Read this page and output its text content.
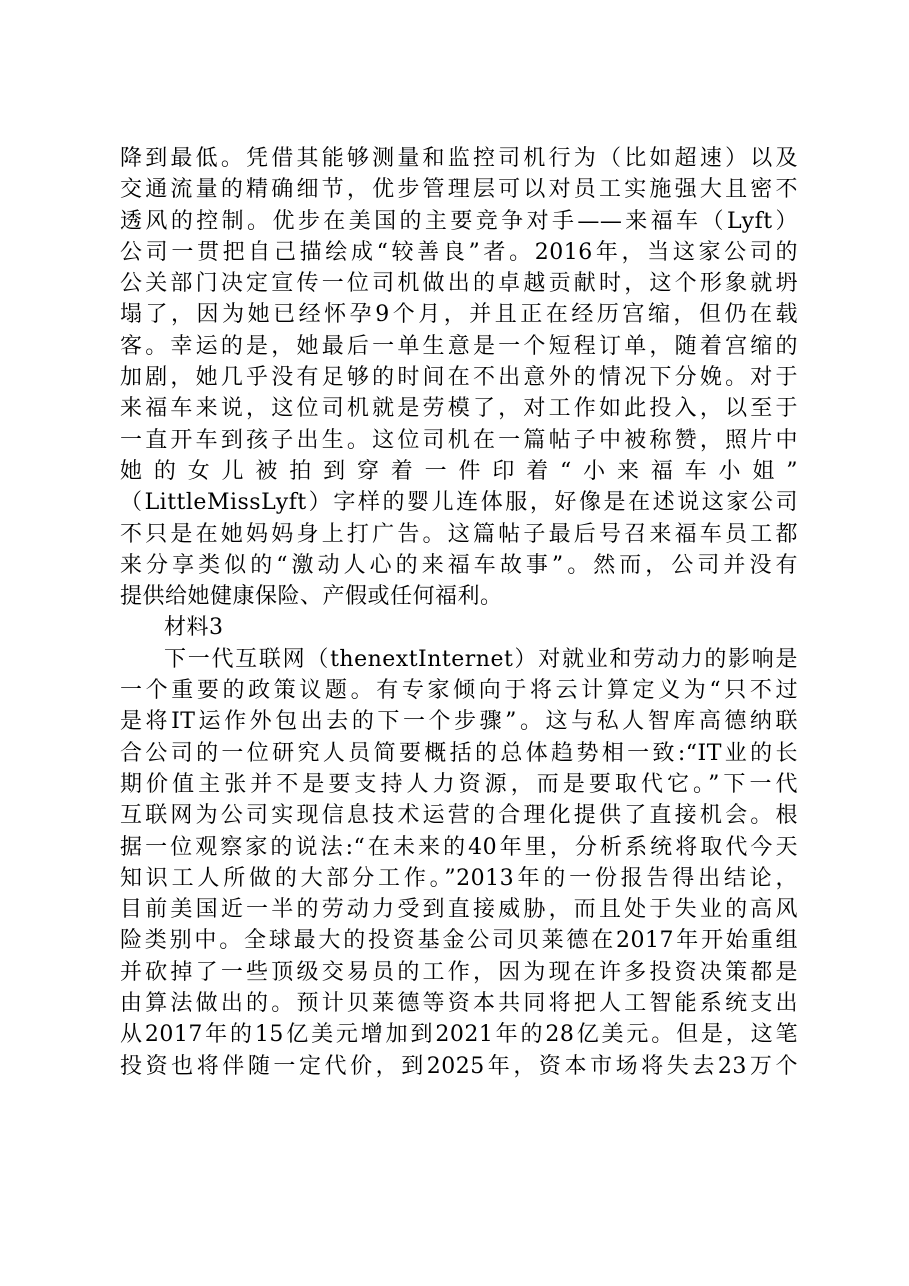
降到最低。凭借其能够测量和监控司机行为（比如超速）以及
交通流量的精确细节，优步管理层可以对员工实施强大且密不
透风的控制。优步在美国的主要竞争对手——来福车（Lyft）
公司一贯把自己描绘成“较善良”者。2016年，当这家公司的
公关部门决定宣传一位司机做出的卓越贡献时，这个形象就坍
塌了，因为她已经怀孕9个月，并且正在经历宫缩，但仍在载
客。幸运的是，她最后一单生意是一个短程订单，随着宫缩的
加剧，她几乎没有足够的时间在不出意外的情况下分娩。对于
来福车来说，这位司机就是劳模了，对工作如此投入，以至于
一直开车到孩子出生。这位司机在一篇帖子中被称赞，照片中
她的女儿被拍到穿着一件印着“小来福车小姐”
（LittleMissLyft）字样的婴儿连体服，好像是在述说这家公司
不只是在她妈妈身上打广告。这篇帖子最后号召来福车员工都
来分享类似的“激动人心的来福车故事”。然而，公司并没有
提供给她健康保险、产假或任何福利。
材料3
下一代互联网（thenextInternet）对就业和劳动力的影响是
一个重要的政策议题。有专家倾向于将云计算定义为“只不过
是将IT运作外包出去的下一个步骤”。这与私人智库高德纳联
合公司的一位研究人员简要概括的总体趋势相一致:“IT业的长
期价值主张并不是要支持人力资源，而是要取代它。”下一代
互联网为公司实现信息技术运营的合理化提供了直接机会。根
据一位观察家的说法:“在未来的40年里，分析系统将取代今天
知识工人所做的大部分工作。”2013年的一份报告得出结论，
目前美国近一半的劳动力受到直接威胁，而且处于失业的高风
险类别中。全球最大的投资基金公司贝莱德在2017年开始重组
并砍掉了一些顶级交易员的工作，因为现在许多投资决策都是
由算法做出的。预计贝莱德等资本共同将把人工智能系统支出
从2017年的15亿美元增加到2021年的28亿美元。但是，这笔
投资也将伴随一定代价，到2025年，资本市场将失去23万个
